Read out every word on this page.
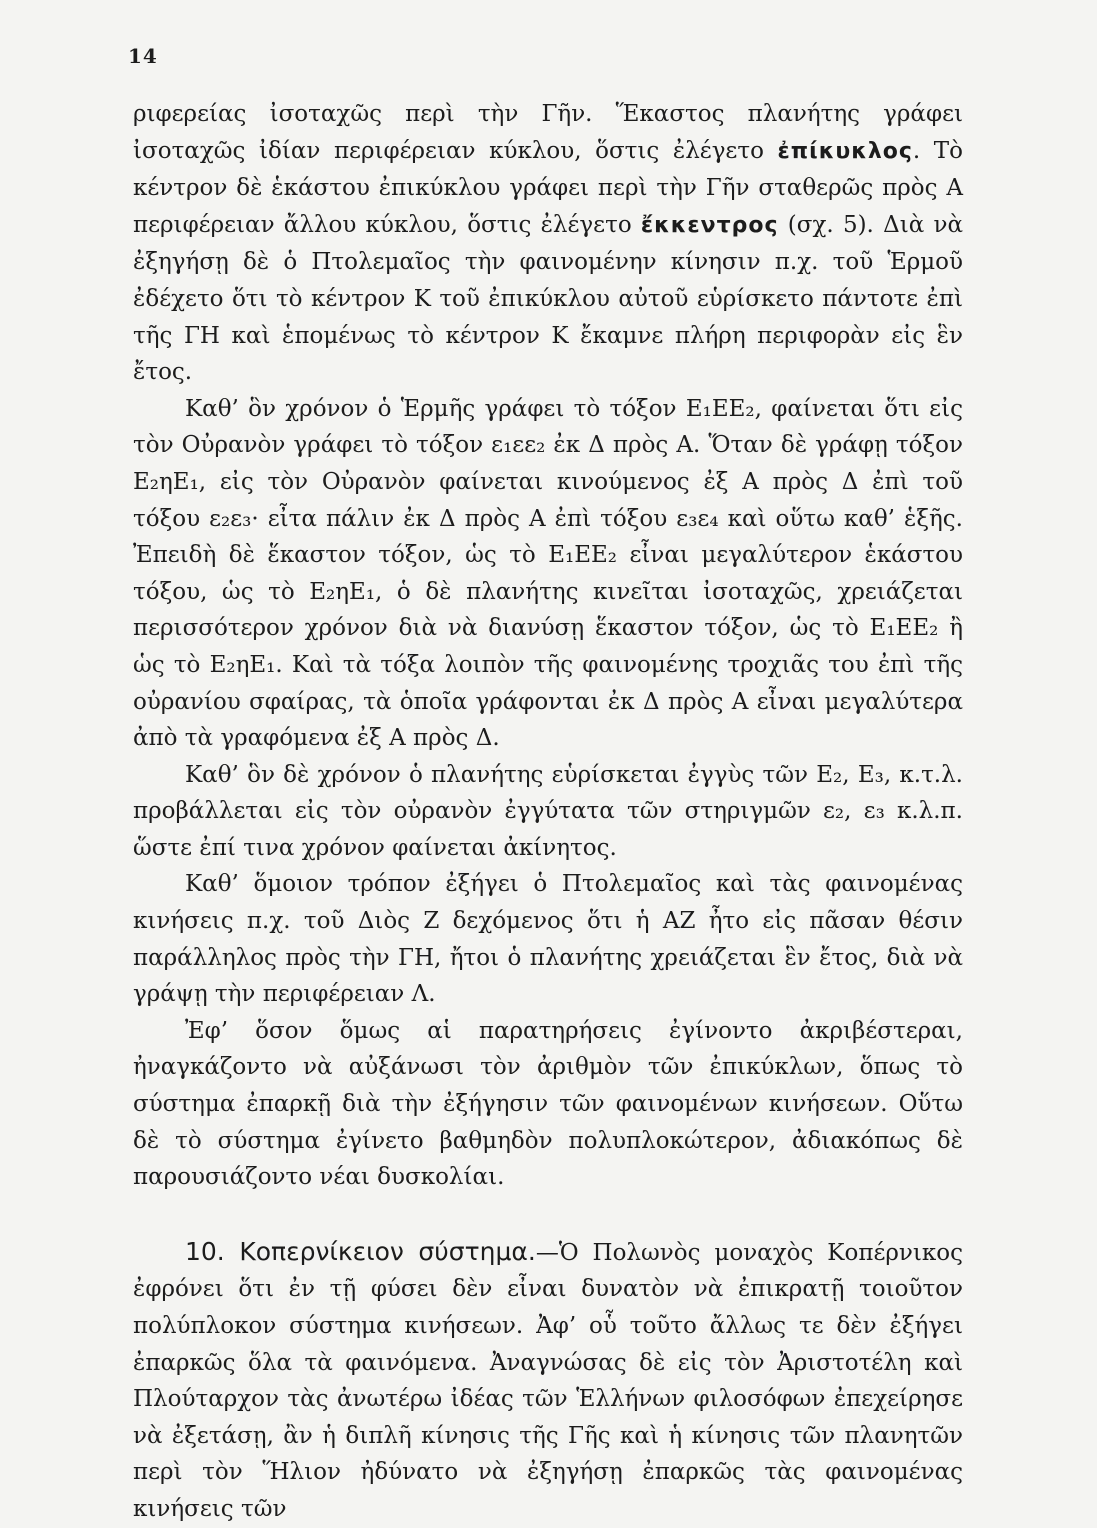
14

ριφερείας ἰσοταχῶς περὶ τὴν Γῆν. Ἕκαστος πλανήτης γράφει ἰσοταχῶς ἰδίαν περιφέρειαν κύκλου, ὅστις ἐλέγετο ἐπίκυκλος. Τὸ κέντρον δὲ ἑκάστου ἐπικύκλου γράφει περὶ τὴν Γῆν σταθερῶς πρὸς Α περιφέρειαν ἄλλου κύκλου, ὅστις ἐλέγετο ἔκκεντρος (σχ. 5). Διὰ νὰ ἐξηγήσῃ δὲ ὁ Πτολεμαῖος τὴν φαινομένην κίνησιν π.χ. τοῦ Ἑρμοῦ ἐδέχετο ὅτι τὸ κέντρον Κ τοῦ ἐπικύκλου αὐτοῦ εὑρίσκετο πάντοτε ἐπὶ τῆς ΓΗ καὶ ἑπομένως τὸ κέντρον Κ ἔκαμνε πλήρη περιφορὰν εἰς ἓν ἔτος.

Καθ’ ὃν χρόνον ὁ Ἑρμῆς γράφει τὸ τόξον Ε₁ΕΕ₂, φαίνεται ὅτι εἰς τὸν Οὐρανὸν γράφει τὸ τόξον ε₁εε₂ ἐκ Δ πρὸς Α. Ὅταν δὲ γράφῃ τόξον Ε₂ηΕ₁, εἰς τὸν Οὐρανὸν φαίνεται κινούμενος ἐξ Α πρὸς Δ ἐπὶ τοῦ τόξου ε₂ε₃· εἶτα πάλιν ἐκ Δ πρὸς Α ἐπὶ τόξου ε₃ε₄ καὶ οὕτω καθ’ ἑξῆς. Ἐπειδὴ δὲ ἕκαστον τόξον, ὡς τὸ Ε₁ΕΕ₂ εἶναι μεγαλύτερον ἑκάστου τόξου, ὡς τὸ Ε₂ηΕ₁, ὁ δὲ πλανήτης κινεῖται ἰσοταχῶς, χρειάζεται περισσότερον χρόνον διὰ νὰ διανύσῃ ἕκαστον τόξον, ὡς τὸ Ε₁ΕΕ₂ ἢ ὡς τὸ Ε₂ηΕ₁. Καὶ τὰ τόξα λοιπὸν τῆς φαινομένης τροχιᾶς του ἐπὶ τῆς οὐρανίου σφαίρας, τὰ ὁποῖα γράφονται ἐκ Δ πρὸς Α εἶναι μεγαλύτερα ἀπὸ τὰ γραφόμενα ἐξ Α πρὸς Δ.

Καθ’ ὃν δὲ χρόνον ὁ πλανήτης εὑρίσκεται ἐγγὺς τῶν Ε₂, Ε₃, κ.τ.λ. προβάλλεται εἰς τὸν οὐρανὸν ἐγγύτατα τῶν στηριγμῶν ε₂, ε₃ κ.λ.π. ὥστε ἐπί τινα χρόνον φαίνεται ἀκίνητος.

Καθ’ ὅμοιον τρόπον ἐξήγει ὁ Πτολεμαῖος καὶ τὰς φαινομένας κινήσεις π.χ. τοῦ Διὸς Ζ δεχόμενος ὅτι ἡ ΑΖ ἦτο εἰς πᾶσαν θέσιν παράλληλος πρὸς τὴν ΓΗ, ἤτοι ὁ πλανήτης χρειάζεται ἓν ἔτος, διὰ νὰ γράψῃ τὴν περιφέρειαν Λ.

Ἐφ’ ὅσον ὅμως αἱ παρατηρήσεις ἐγίνοντο ἀκριβέστεραι, ἠναγκάζοντο νὰ αὐξάνωσι τὸν ἀριθμὸν τῶν ἐπικύκλων, ὅπως τὸ σύστημα ἐπαρκῇ διὰ τὴν ἐξήγησιν τῶν φαινομένων κινήσεων. Οὕτω δὲ τὸ σύστημα ἐγίνετο βαθμηδὸν πολυπλοκώτερον, ἀδιακόπως δὲ παρουσιάζοντο νέαι δυσκολίαι.

10. Κοπερνίκειον σύστημα.—Ὁ Πολωνὸς μοναχὸς Κοπέρνικος ἐφρόνει ὅτι ἐν τῇ φύσει δὲν εἶναι δυνατὸν νὰ ἐπικρατῇ τοιοῦτον πολύπλοκον σύστημα κινήσεων. Ἀφ’ οὗ τοῦτο ἄλλως τε δὲν ἐξήγει ἐπαρκῶς ὅλα τὰ φαινόμενα. Ἀναγνώσας δὲ εἰς τὸν Ἀριστοτέλη καὶ Πλούταρχον τὰς ἀνωτέρω ἰδέας τῶν Ἑλλήνων φιλοσόφων ἐπεχείρησε νὰ ἐξετάσῃ, ἂν ἡ διπλῆ κίνησις τῆς Γῆς καὶ ἡ κίνησις τῶν πλανητῶν περὶ τὸν Ἥλιον ἠδύνατο νὰ ἐξηγήσῃ ἐπαρκῶς τὰς φαινομένας κινήσεις τῶν
